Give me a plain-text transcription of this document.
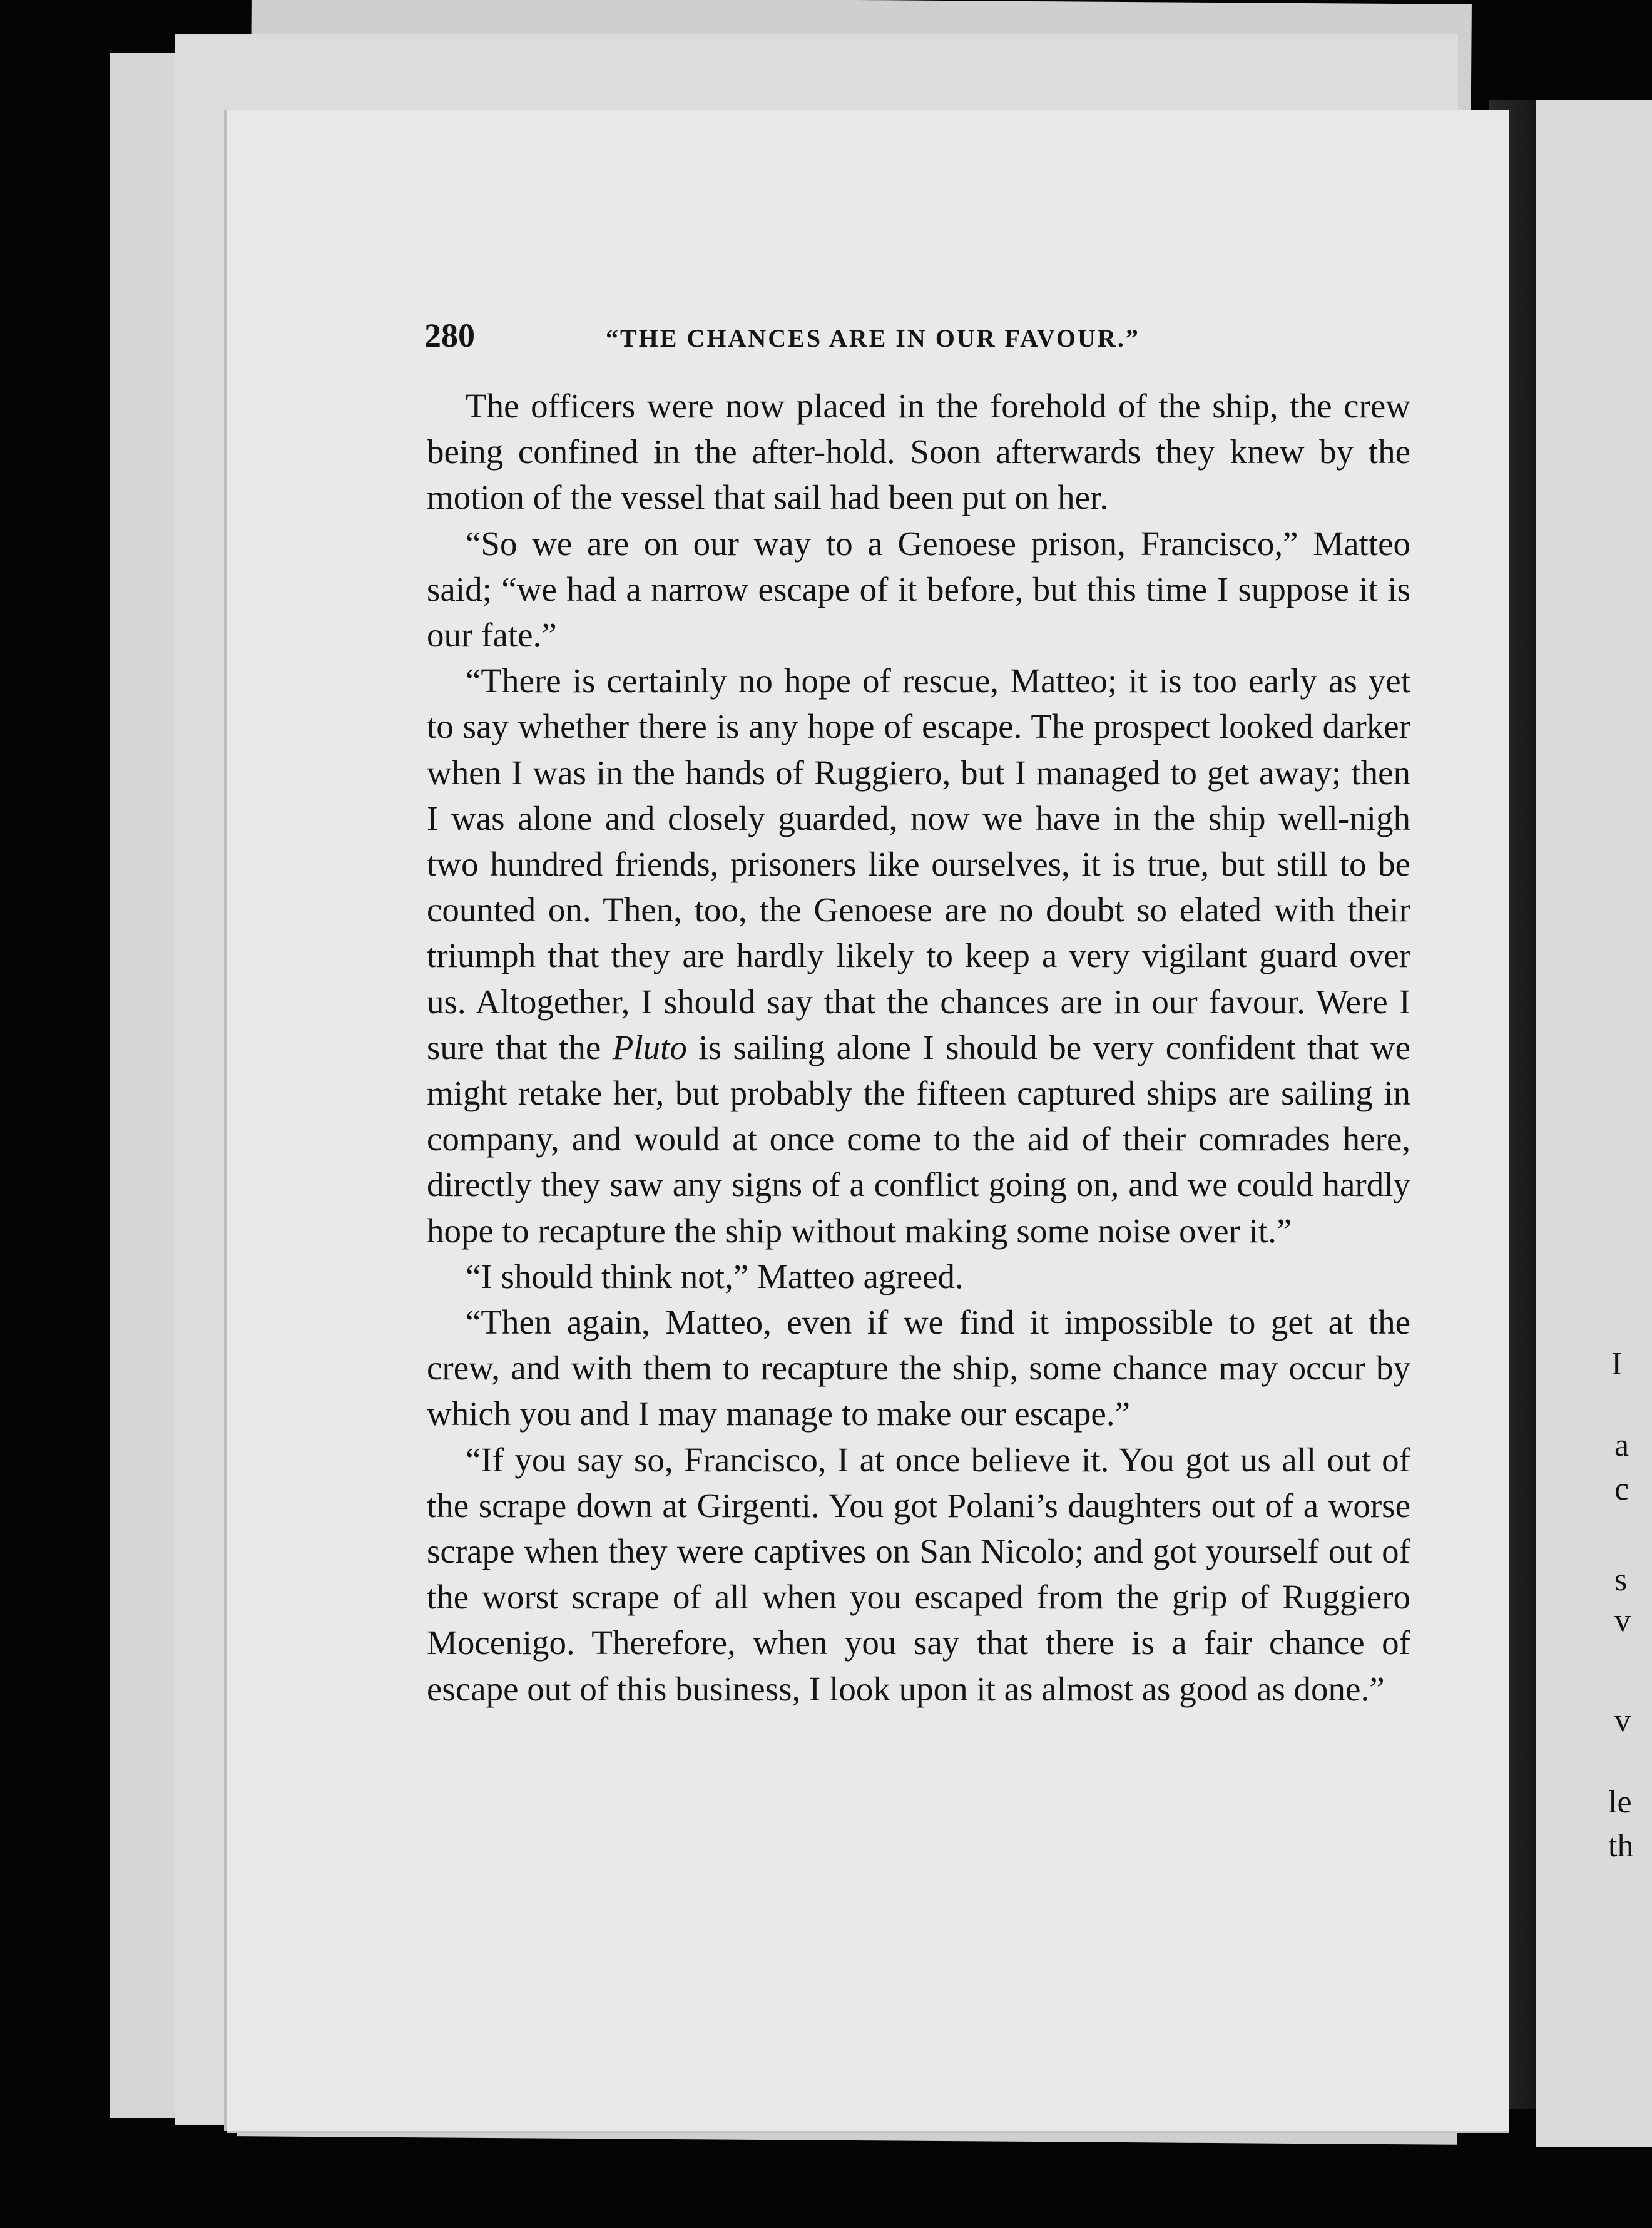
I
a
c
s
v
v
le
th
280	“THE CHANCES ARE IN OUR FAVOUR.”

The officers were now placed in the forehold of the ship, the crew being confined in the after-hold. Soon afterwards they knew by the motion of the vessel that sail had been put on her.

“So we are on our way to a Genoese prison, Francisco,” Matteo said; “we had a narrow escape of it before, but this time I suppose it is our fate.”

“There is certainly no hope of rescue, Matteo; it is too early as yet to say whether there is any hope of escape. The prospect looked darker when I was in the hands of Ruggiero, but I managed to get away; then I was alone and closely guarded, now we have in the ship well-nigh two hundred friends, prisoners like ourselves, it is true, but still to be counted on. Then, too, the Genoese are no doubt so elated with their triumph that they are hardly likely to keep a very vigilant guard over us. Altogether, I should say that the chances are in our favour. Were I sure that the Pluto is sailing alone I should be very confident that we might retake her, but probably the fifteen captured ships are sailing in company, and would at once come to the aid of their comrades here, directly they saw any signs of a conflict going on, and we could hardly hope to recapture the ship without making some noise over it.”

“I should think not,” Matteo agreed.

“Then again, Matteo, even if we find it impossible to get at the crew, and with them to recapture the ship, some chance may occur by which you and I may manage to make our escape.”

“If you say so, Francisco, I at once believe it. You got us all out of the scrape down at Girgenti. You got Polani’s daughters out of a worse scrape when they were captives on San Nicolo; and got yourself out of the worst scrape of all when you escaped from the grip of Ruggiero Mocenigo. Therefore, when you say that there is a fair chance of escape out of this business, I look upon it as almost as good as done.”
